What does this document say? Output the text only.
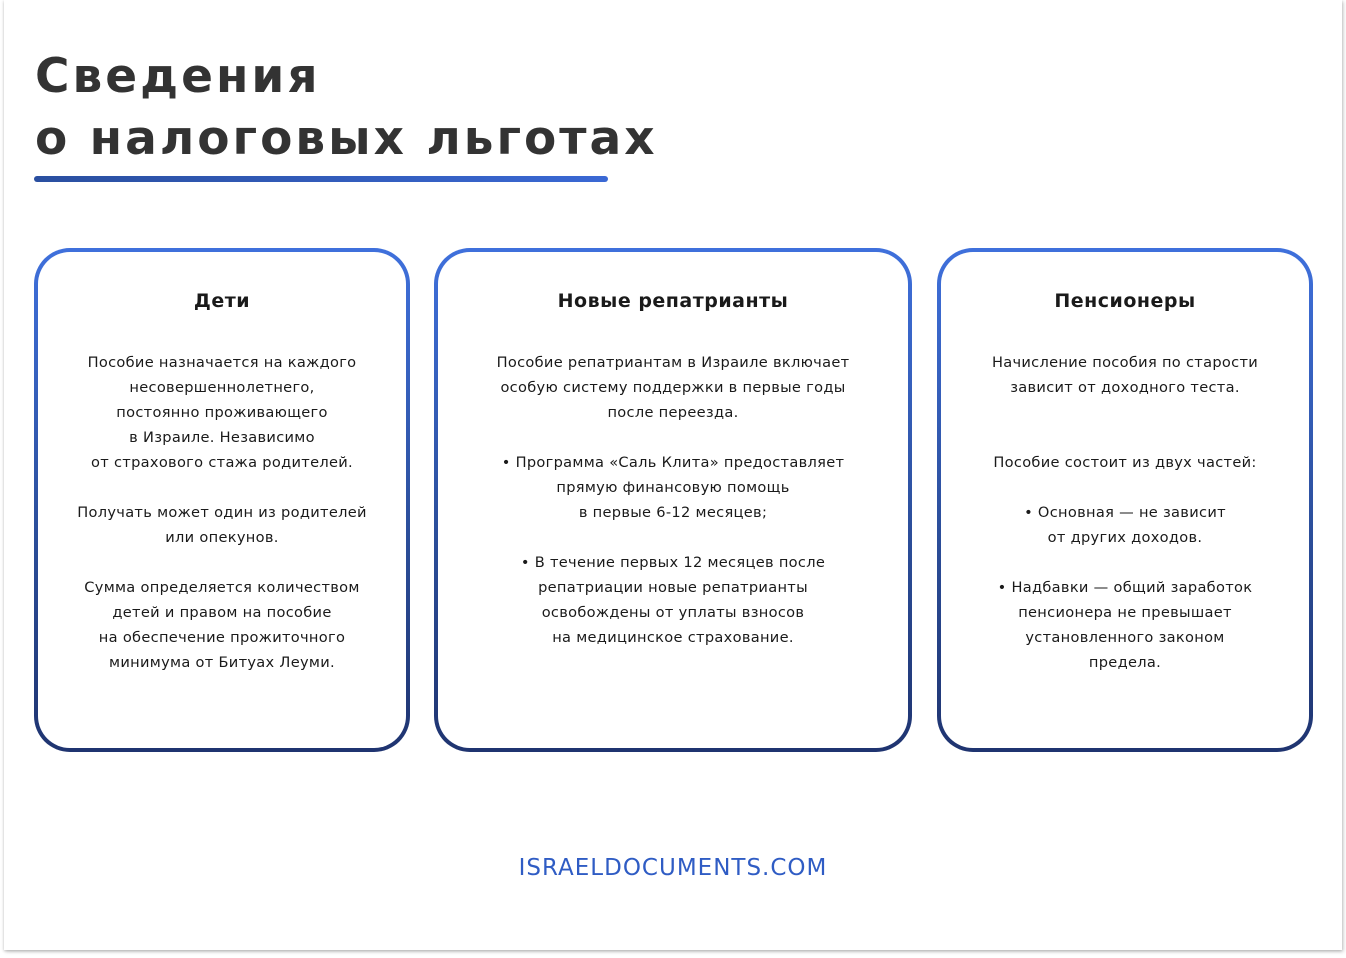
Сведения
о налоговых льготах
Дети
Пособие назначается на каждого
несовершеннолетнего,
постоянно проживающего
в Израиле. Независимо
от страхового стажа родителей.
Получать может один из родителей
или опекунов.
Сумма определяется количеством
детей и правом на пособие
на обеспечение прожиточного
минимума от Битуах Леуми.
Новые репатрианты
Пособие репатриантам в Израиле включает
особую систему поддержки в первые годы
после переезда.
• Программа «Саль Клита» предоставляет
прямую финансовую помощь
в первые 6-12 месяцев;
• В течение первых 12 месяцев после
репатриации новые репатрианты
освобождены от уплаты взносов
на медицинское страхование.
Пенсионеры
Начисление пособия по старости
зависит от доходного теста.
Пособие состоит из двух частей:
• Основная — не зависит
от других доходов.
• Надбавки — общий заработок
пенсионера не превышает
установленного законом
предела.
ISRAELDOCUMENTS.COM
